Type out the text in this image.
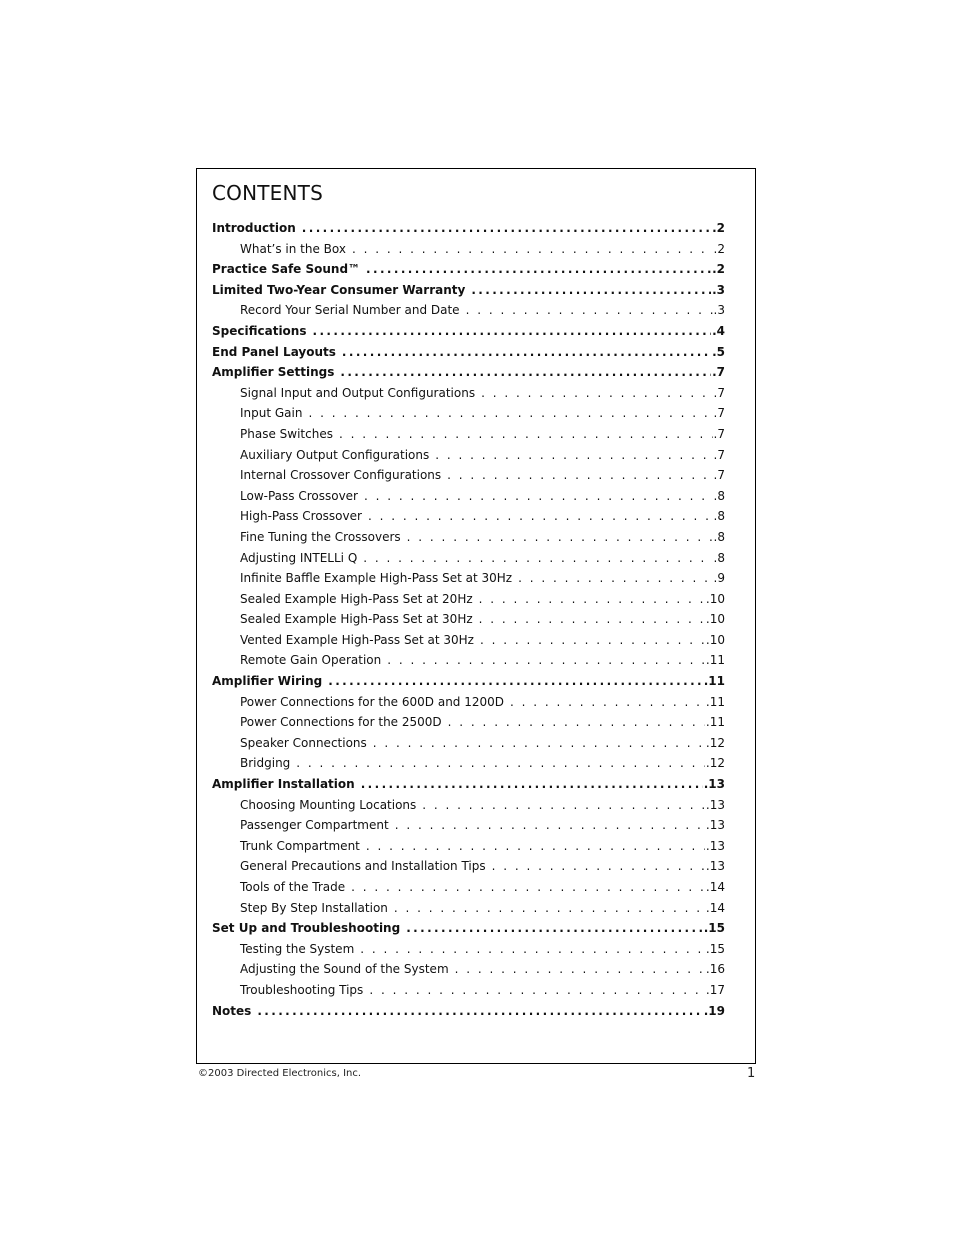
CONTENTS
Introduction .....	.2
What’s in the Box . . .	.2
Practice Safe Sound™ .....	.2
Limited Two-Year Consumer Warranty .....	.3
Record Your Serial Number and Date . . .	.3
Specifications .....	.4
End Panel Layouts .....	.5
Amplifier Settings .....	.7
Signal Input and Output Configurations . . .	.7
Input Gain . . .	.7
Phase Switches . . .	.7
Auxiliary Output Configurations . . .	.7
Internal Crossover Configurations . . .	.7
Low-Pass Crossover . . .	.8
High-Pass Crossover . . .	.8
Fine Tuning the Crossovers . . .	.8
Adjusting INTELLi Q . . .	.8
Infinite Baffle Example High-Pass Set at 30Hz . . .	.9
Sealed Example High-Pass Set at 20Hz . . .	.10
Sealed Example High-Pass Set at 30Hz . . .	.10
Vented Example High-Pass Set at 30Hz . . .	.10
Remote Gain Operation . . .	.11
Amplifier Wiring .....	.11
Power Connections for the 600D and 1200D . . .	.11
Power Connections for the 2500D . . .	.11
Speaker Connections . . .	.12
Bridging . . .	.12
Amplifier Installation .....	.13
Choosing Mounting Locations . . .	.13
Passenger Compartment . . .	.13
Trunk Compartment . . .	.13
General Precautions and Installation Tips . . .	.13
Tools of the Trade . . .	.14
Step By Step Installation . . .	.14
Set Up and Troubleshooting .....	.15
Testing the System . . .	.15
Adjusting the Sound of the System . . .	.16
Troubleshooting Tips . . .	.17
Notes .....	.19
©2003 Directed Electronics, Inc.	1
